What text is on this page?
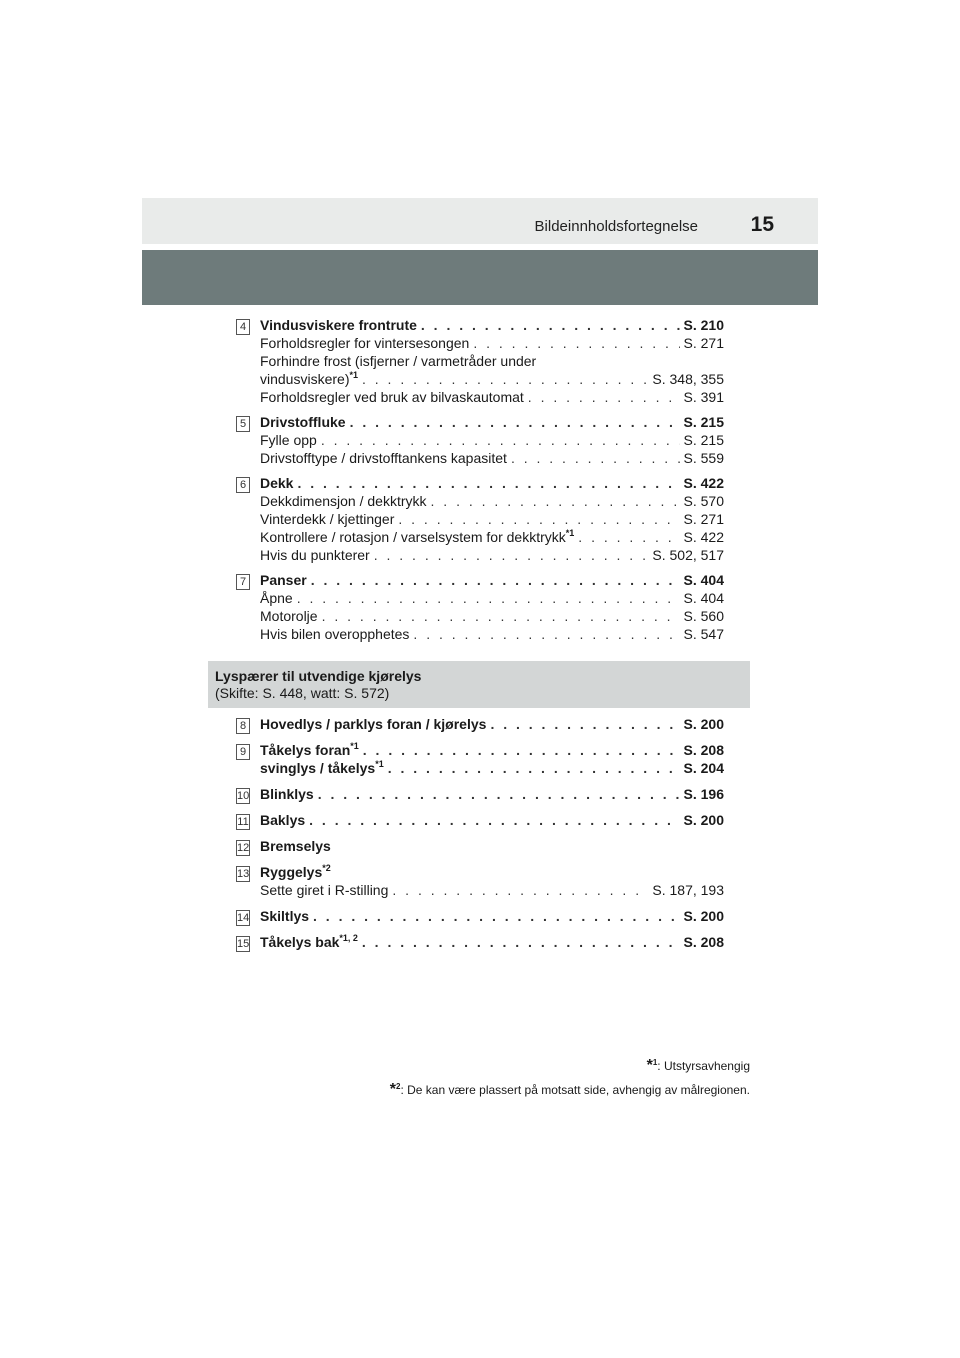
Bildeinnholdsfortegnelse	15
4 Vindusviskere frontrute . . .	S. 210
Forholdsregler for vintersesongen . . .	S. 271
Forhindre frost (isfjerner / varmetråder under
vindusviskere)$^{*1}$ . . .	S. 348, 355
Forholdsregler ved bruk av bilvaskautomat . . .	S. 391
5 Drivstoffluke . . .	S. 215
Fylle opp . . .	S. 215
Drivstofftype / drivstofftankens kapasitet . . .	S. 559
6 Dekk . . .	S. 422
Dekkdimensjon / dekktrykk . . .	S. 570
Vinterdekk / kjettinger . . .	S. 271
Kontrollere / rotasjon / varselsystem for dekktrykk$^{*1}$ . . .	S. 422
Hvis du punkterer . . .	S. 502, 517
7 Panser . . .	S. 404
Åpne . . .	S. 404
Motorolje . . .	S. 560
Hvis bilen overopphetes . . .	S. 547
Lyspærer til utvendige kjørelys
(Skifte: S. 448, watt: S. 572)
8 Hovedlys / parklys foran / kjørelys . . .	S. 200
9 Tåkelys foran$^{*1}$ . . .	S. 208
svinglys / tåkelys$^{*1}$ . . .	S. 204
10 Blinklys . . .	S. 196
11 Baklys . . .	S. 200
12 Bremselys
13 Ryggelys$^{*2}$
Sette giret i R-stilling . . .	S. 187, 193
14 Skiltlys . . .	S. 200
15 Tåkelys bak$^{*1, 2}$ . . .	S. 208
*$^1$: Utstyrsavhengig
*$^2$: De kan være plassert på motsatt side, avhengig av målregionen.
